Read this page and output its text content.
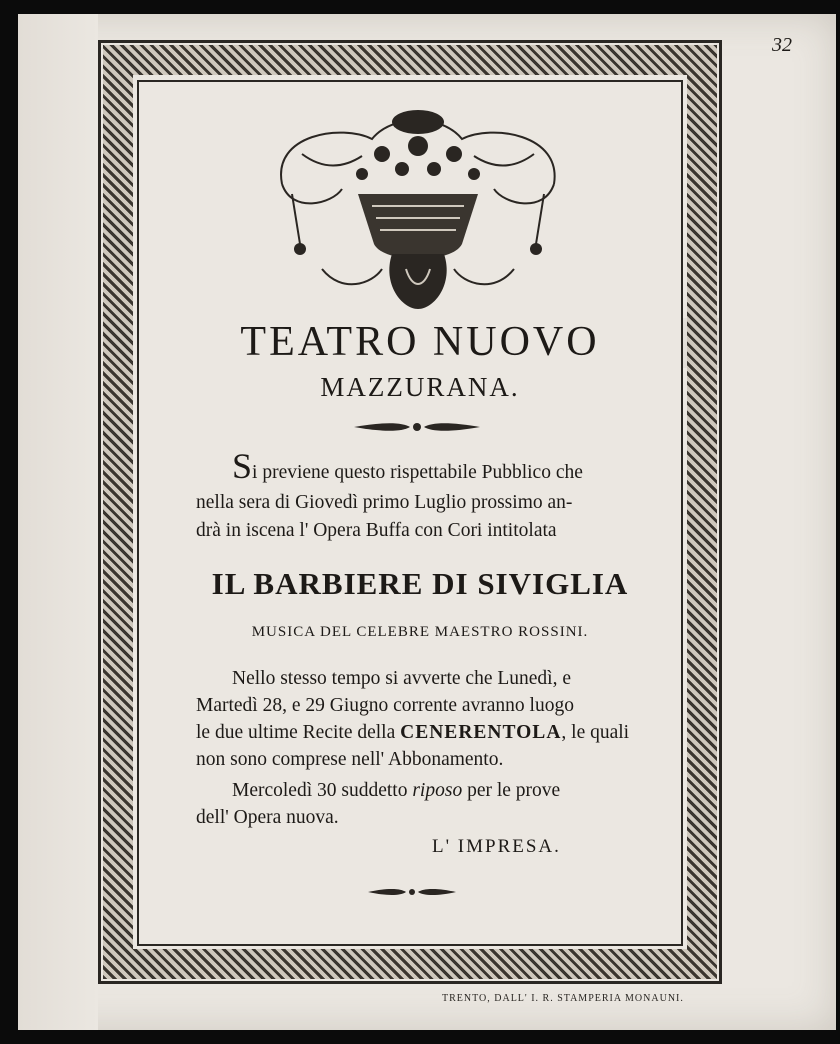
32
TEATRO NUOVO
MAZZURANA.
Si previene questo rispettabile Pubblico che
nella sera di Giovedì primo Luglio prossimo an-
drà in iscena l' Opera Buffa con Cori intitolata
IL BARBIERE DI SIVIGLIA
MUSICA DEL CELEBRE MAESTRO ROSSINI.
Nello stesso tempo si avverte che Lunedì, e
Martedì 28, e 29 Giugno corrente avranno luogo
le due ultime Recite della CENERENTOLA, le quali
non sono comprese nell' Abbonamento.
Mercoledì 30 suddetto riposo per le prove
dell' Opera nuova.
L' IMPRESA.
TRENTO, DALL' I. R. STAMPERIA MONAUNI.
